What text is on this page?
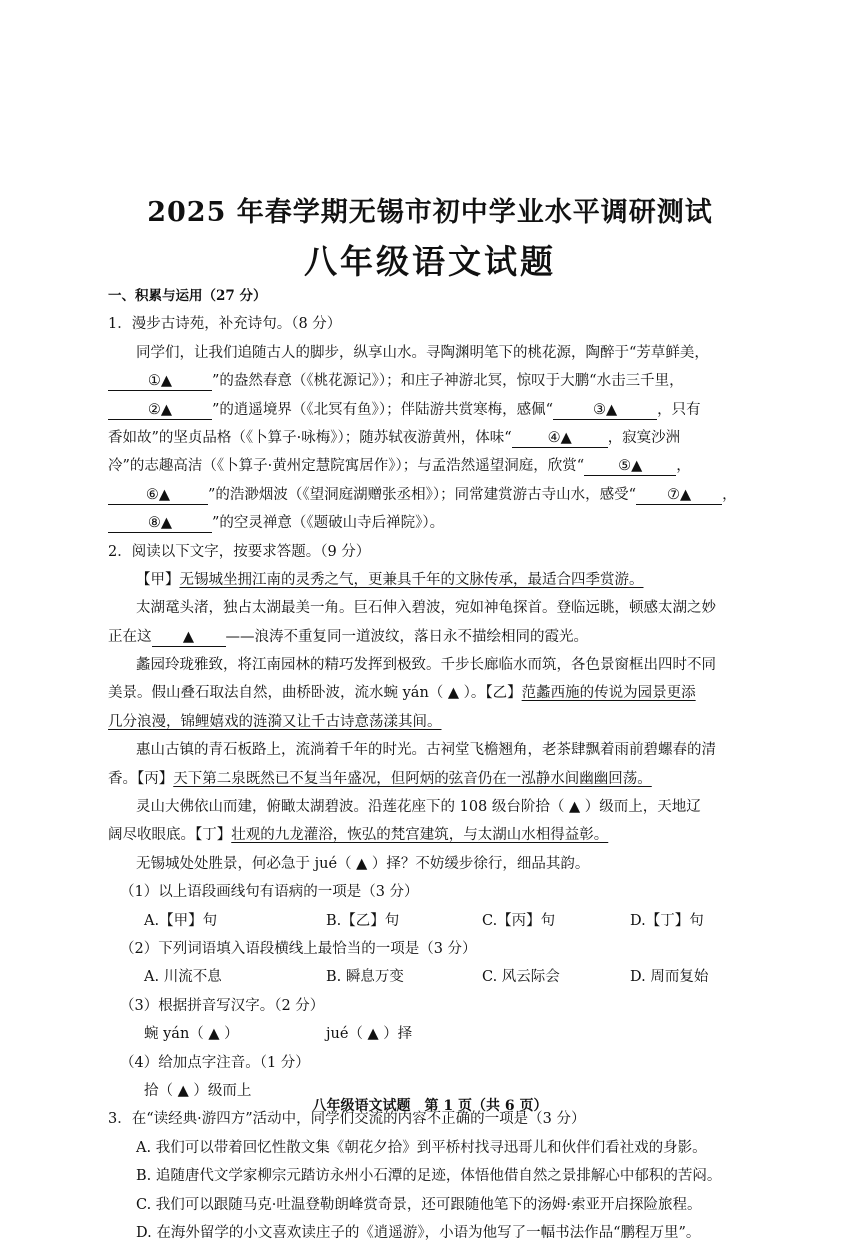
2025 年春学期无锡市初中学业水平调研测试
八年级语文试题
一、积累与运用（27 分）
1．漫步古诗苑，补充诗句。（8 分）
同学们，让我们追随古人的脚步，纵享山水。寻陶渊明笔下的桃花源，陶醉于“芳草鲜美，
①▲	”的盎然春意（《桃花源记》）；和庄子神游北冥，惊叹于大鹏“水击三千里，
②▲	”的逍遥境界（《北冥有鱼》）；伴陆游共赏寒梅，感佩“	③▲	，只有
香如故”的坚贞品格（《卜算子·咏梅》）；随苏轼夜游黄州，体味“ ④▲ ，寂寞沙洲
冷”的志趣高洁（《卜算子·黄州定慧院寓居作》）；与孟浩然遥望洞庭，欣赏“ ⑤▲ ，
⑥▲	”的浩渺烟波（《望洞庭湖赠张丞相》）；同常建赏游古寺山水，感受“ ⑦▲ ，
⑧▲	”的空灵禅意（《题破山寺后禅院》）。
2．阅读以下文字，按要求答题。（9 分）
【甲】无锡城坐拥江南的灵秀之气，更兼具千年的文脉传承，最适合四季赏游。
太湖鼋头渚，独占太湖最美一角。巨石伸入碧波，宛如神龟探首。登临远眺，顿感太湖之妙
正在这 ▲ ——浪涛不重复同一道波纹，落日永不描绘相同的霞光。
蠡园玲珑雅致，将江南园林的精巧发挥到极致。千步长廊临水而筑，各色景窗框出四时不同
美景。假山叠石取法自然，曲桥卧波，流水蜿 yán（ ▲ ）。【乙】范蠡西施的传说为园景更添
几分浪漫，锦鲤嬉戏的涟漪又让千古诗意荡漾其间。
惠山古镇的青石板路上，流淌着千年的时光。古祠堂飞檐翘角，老茶肆飘着雨前碧螺春的清
香。【丙】天下第二泉既然已不复当年盛况，但阿炳的弦音仍在一泓静水间幽幽回荡。
灵山大佛依山而建，俯瞰太湖碧波。沿莲花座下的 108 级台阶拾（ ▲ ）级而上，天地辽
阔尽收眼底。【丁】壮观的九龙灌浴，恢弘的梵宫建筑，与太湖山水相得益彰。
无锡城处处胜景，何必急于 jué（ ▲ ）择？不妨缓步徐行，细品其韵。
（1）以上语段画线句有语病的一项是（3 分）
A.【甲】句	B.【乙】句	C.【丙】句	D.【丁】句
（2）下列词语填入语段横线上最恰当的一项是（3 分）
A. 川流不息	B. 瞬息万变	C. 风云际会	D. 周而复始
（3）根据拼音写汉字。（2 分）
蜿 yán（ ▲ ）	jué（ ▲ ）择
（4）给加点字注音。（1 分）
拾（ ▲ ）级而上
3．在“读经典·游四方”活动中，同学们交流的内容不正确的一项是（3 分）
A. 我们可以带着回忆性散文集《朝花夕拾》到平桥村找寻迅哥儿和伙伴们看社戏的身影。
B. 追随唐代文学家柳宗元踏访永州小石潭的足迹，体悟他借自然之景排解心中郁积的苦闷。
C. 我们可以跟随马克·吐温登勒朗峰赏奇景，还可跟随他笔下的汤姆·索亚开启探险旅程。
D. 在海外留学的小文喜欢读庄子的《逍遥游》，小语为他写了一幅书法作品“鹏程万里”。
八年级语文试题　第 1 页（共 6 页）
